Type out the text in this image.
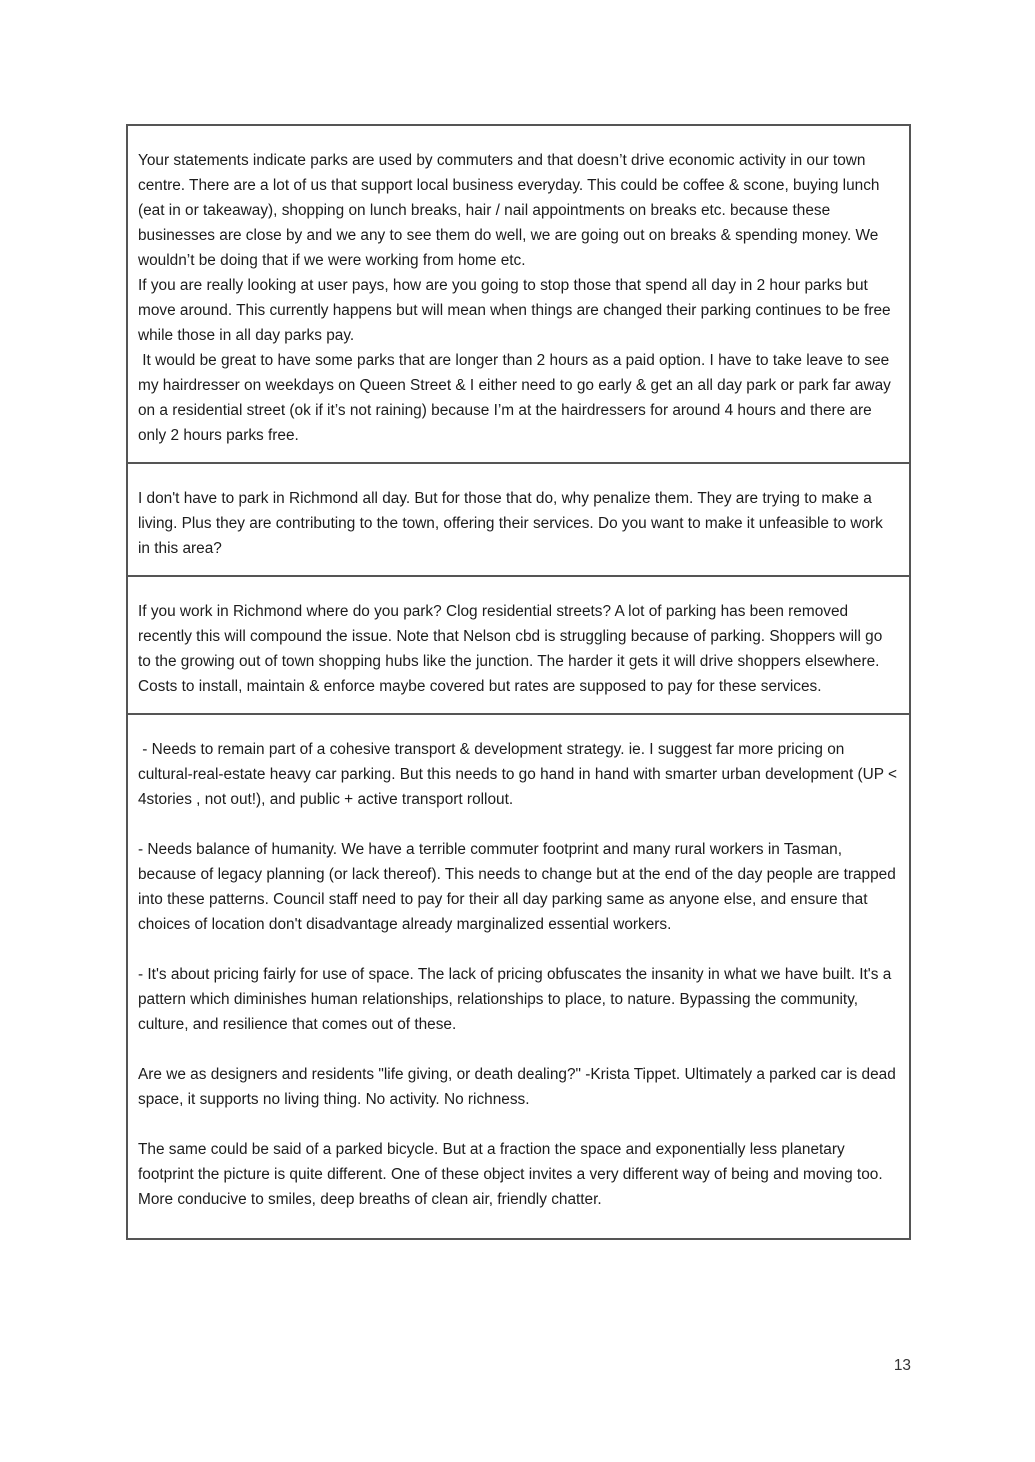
Your statements indicate parks are used by commuters and that doesn’t drive economic activity in our town centre. There are a lot of us that support local business everyday. This could be coffee & scone, buying lunch (eat in or takeaway), shopping on lunch breaks, hair / nail appointments on breaks etc. because these businesses are close by and we any to see them do well, we are going out on breaks & spending money. We wouldn’t be doing that if we were working from home etc.

If you are really looking at user pays, how are you going to stop those that spend all day in 2 hour parks but move around. This currently happens but will mean when things are changed their parking continues to be free while those in all day parks pay.

It would be great to have some parks that are longer than 2 hours as a paid option. I have to take leave to see my hairdresser on weekdays on Queen Street & I either need to go early & get an all day park or park far away on a residential street (ok if it’s not raining) because I’m at the hairdressers for around 4 hours and there are only 2 hours parks free.

I don't have to park in Richmond all day. But for those that do, why penalize them. They are trying to make a living. Plus they are contributing to the town, offering their services. Do you want to make it unfeasible to work in this area?

If you work in Richmond where do you park? Clog residential streets? A lot of parking has been removed recently this will compound the issue. Note that Nelson cbd is struggling because of parking. Shoppers will go to the growing out of town shopping hubs like the junction. The harder it gets it will drive shoppers elsewhere. Costs to install, maintain & enforce maybe covered but rates are supposed to pay for these services.

- Needs to remain part of a cohesive transport & development strategy. ie. I suggest far more pricing on cultural-real-estate heavy car parking. But this needs to go hand in hand with smarter urban development (UP < 4stories , not out!), and public + active transport rollout.

- Needs balance of humanity. We have a terrible commuter footprint and many rural workers in Tasman, because of legacy planning (or lack thereof). This needs to change but at the end of the day people are trapped into these patterns. Council staff need to pay for their all day parking same as anyone else, and ensure that choices of location don't disadvantage already marginalized essential workers.

- It's about pricing fairly for use of space. The lack of pricing obfuscates the insanity in what we have built. It's a pattern which diminishes human relationships, relationships to place, to nature. Bypassing the community, culture, and resilience that comes out of these.

Are we as designers and residents "life giving, or death dealing?" -Krista Tippet. Ultimately a parked car is dead space, it supports no living thing. No activity. No richness.

The same could be said of a parked bicycle. But at a fraction the space and exponentially less planetary footprint the picture is quite different. One of these object invites a very different way of being and moving too. More conducive to smiles, deep breaths of clean air, friendly chatter.

13
